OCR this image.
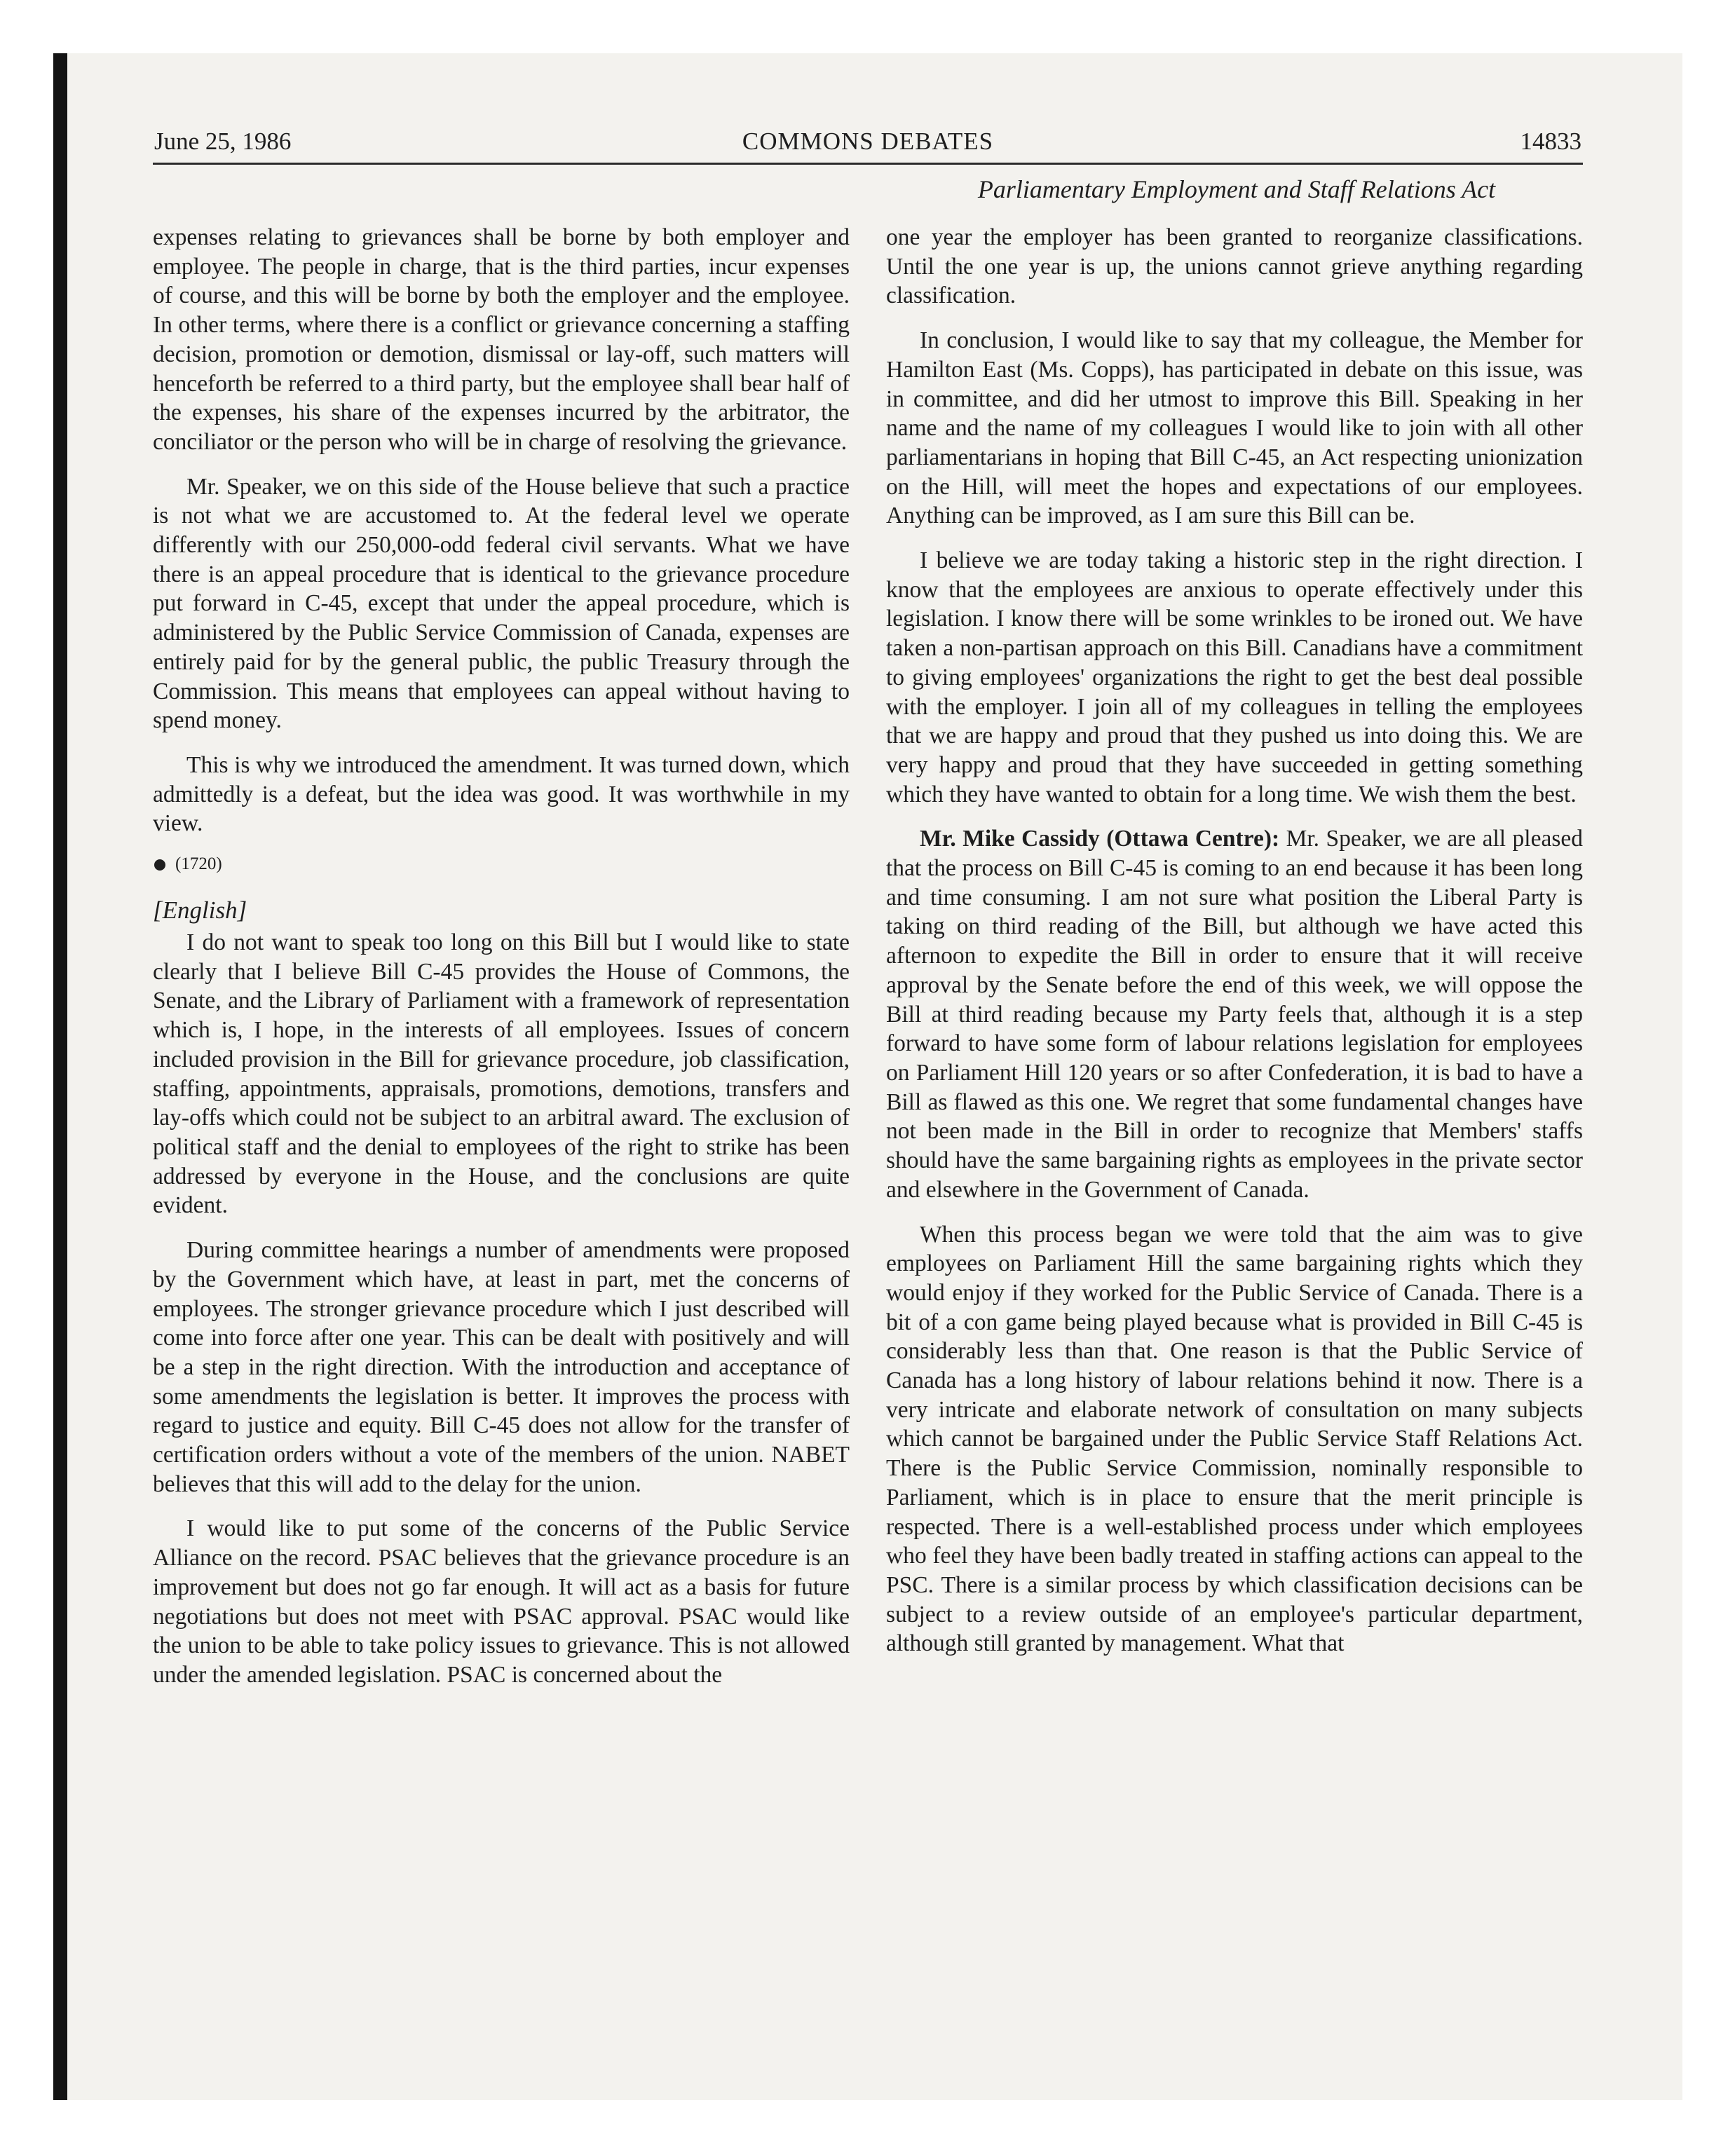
June 25, 1986	COMMONS DEBATES	14833
Parliamentary Employment and Staff Relations Act

expenses relating to grievances shall be borne by both employer and employee. The people in charge, that is the third parties, incur expenses of course, and this will be borne by both the employer and the employee. In other terms, where there is a conflict or grievance concerning a staffing decision, promotion or demotion, dismissal or lay-off, such matters will henceforth be referred to a third party, but the employee shall bear half of the expenses, his share of the expenses incurred by the arbitrator, the conciliator or the person who will be in charge of resolving the grievance.

Mr. Speaker, we on this side of the House believe that such a practice is not what we are accustomed to. At the federal level we operate differently with our 250,000-odd federal civil servants. What we have there is an appeal procedure that is identical to the grievance procedure put forward in C-45, except that under the appeal procedure, which is administered by the Public Service Commission of Canada, expenses are entirely paid for by the general public, the public Treasury through the Commission. This means that employees can appeal without having to spend money.

This is why we introduced the amendment. It was turned down, which admittedly is a defeat, but the idea was good. It was worthwhile in my view.

(1720)
[English]

I do not want to speak too long on this Bill but I would like to state clearly that I believe Bill C-45 provides the House of Commons, the Senate, and the Library of Parliament with a framework of representation which is, I hope, in the interests of all employees. Issues of concern included provision in the Bill for grievance procedure, job classification, staffing, appointments, appraisals, promotions, demotions, transfers and lay-offs which could not be subject to an arbitral award. The exclusion of political staff and the denial to employees of the right to strike has been addressed by everyone in the House, and the conclusions are quite evident.

During committee hearings a number of amendments were proposed by the Government which have, at least in part, met the concerns of employees. The stronger grievance procedure which I just described will come into force after one year. This can be dealt with positively and will be a step in the right direction. With the introduction and acceptance of some amendments the legislation is better. It improves the process with regard to justice and equity. Bill C-45 does not allow for the transfer of certification orders without a vote of the members of the union. NABET believes that this will add to the delay for the union.

I would like to put some of the concerns of the Public Service Alliance on the record. PSAC believes that the grievance procedure is an improvement but does not go far enough. It will act as a basis for future negotiations but does not meet with PSAC approval. PSAC would like the union to be able to take policy issues to grievance. This is not allowed under the amended legislation. PSAC is concerned about the

one year the employer has been granted to reorganize classifications. Until the one year is up, the unions cannot grieve anything regarding classification.

In conclusion, I would like to say that my colleague, the Member for Hamilton East (Ms. Copps), has participated in debate on this issue, was in committee, and did her utmost to improve this Bill. Speaking in her name and the name of my colleagues I would like to join with all other parliamentarians in hoping that Bill C-45, an Act respecting unionization on the Hill, will meet the hopes and expectations of our employees. Anything can be improved, as I am sure this Bill can be.

I believe we are today taking a historic step in the right direction. I know that the employees are anxious to operate effectively under this legislation. I know there will be some wrinkles to be ironed out. We have taken a non-partisan approach on this Bill. Canadians have a commitment to giving employees' organizations the right to get the best deal possible with the employer. I join all of my colleagues in telling the employees that we are happy and proud that they pushed us into doing this. We are very happy and proud that they have succeeded in getting something which they have wanted to obtain for a long time. We wish them the best.

Mr. Mike Cassidy (Ottawa Centre): Mr. Speaker, we are all pleased that the process on Bill C-45 is coming to an end because it has been long and time consuming. I am not sure what position the Liberal Party is taking on third reading of the Bill, but although we have acted this afternoon to expedite the Bill in order to ensure that it will receive approval by the Senate before the end of this week, we will oppose the Bill at third reading because my Party feels that, although it is a step forward to have some form of labour relations legislation for employees on Parliament Hill 120 years or so after Confederation, it is bad to have a Bill as flawed as this one. We regret that some fundamental changes have not been made in the Bill in order to recognize that Members' staffs should have the same bargaining rights as employees in the private sector and elsewhere in the Government of Canada.

When this process began we were told that the aim was to give employees on Parliament Hill the same bargaining rights which they would enjoy if they worked for the Public Service of Canada. There is a bit of a con game being played because what is provided in Bill C-45 is considerably less than that. One reason is that the Public Service of Canada has a long history of labour relations behind it now. There is a very intricate and elaborate network of consultation on many subjects which cannot be bargained under the Public Service Staff Relations Act. There is the Public Service Commission, nominally responsible to Parliament, which is in place to ensure that the merit principle is respected. There is a well-established process under which employees who feel they have been badly treated in staffing actions can appeal to the PSC. There is a similar process by which classification decisions can be subject to a review outside of an employee's particular department, although still granted by management. What that
